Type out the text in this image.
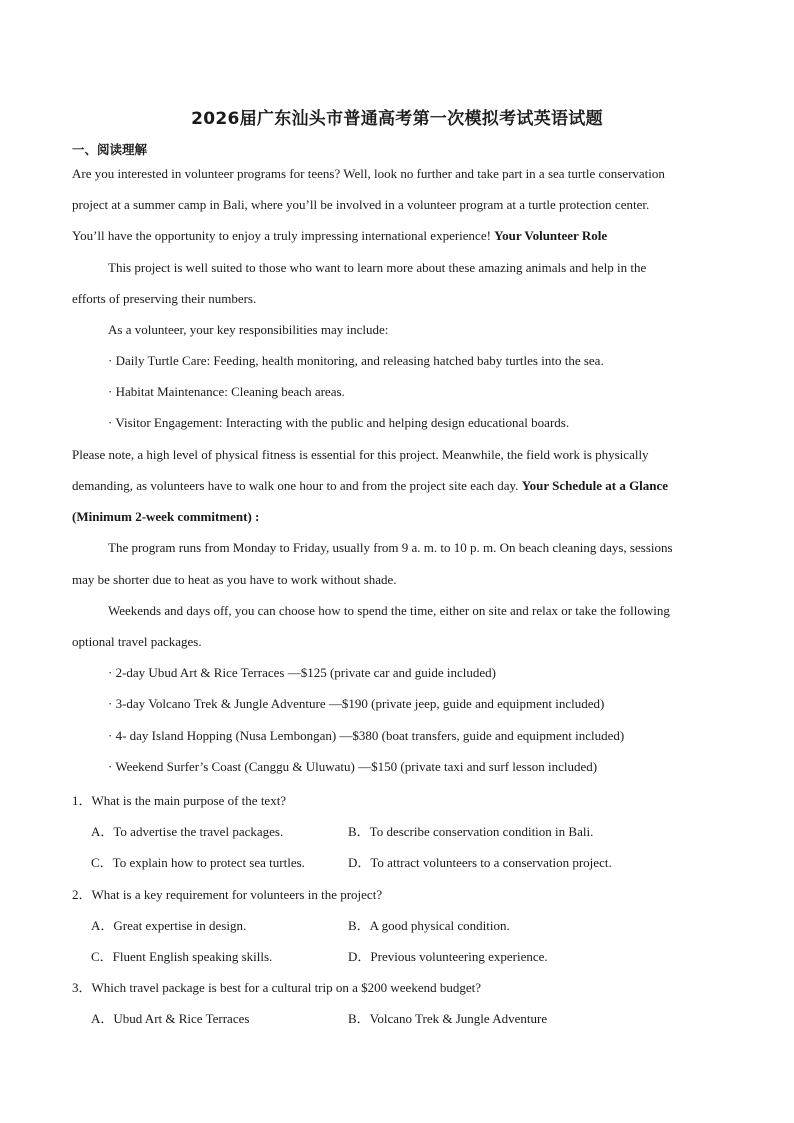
2026届广东汕头市普通高考第一次模拟考试英语试题
一、阅读理解
Are you interested in volunteer programs for teens? Well, look no further and take part in a sea turtle conservation
project at a summer camp in Bali, where you’ll be involved in a volunteer program at a turtle protection center.
You’ll have the opportunity to enjoy a truly impressing international experience! Your Volunteer Role
This project is well suited to those who want to learn more about these amazing animals and help in the
efforts of preserving their numbers.
As a volunteer, your key responsibilities may include:
· Daily Turtle Care: Feeding, health monitoring, and releasing hatched baby turtles into the sea.
· Habitat Maintenance: Cleaning beach areas.
· Visitor Engagement: Interacting with the public and helping design educational boards.
Please note, a high level of physical fitness is essential for this project. Meanwhile, the field work is physically
demanding, as volunteers have to walk one hour to and from the project site each day. Your Schedule at a Glance
(Minimum 2-week commitment) :
The program runs from Monday to Friday, usually from 9 a. m. to 10 p. m. On beach cleaning days, sessions
may be shorter due to heat as you have to work without shade.
Weekends and days off, you can choose how to spend the time, either on site and relax or take the following
optional travel packages.
· 2-day Ubud Art & Rice Terraces —$125 (private car and guide included)
· 3-day Volcano Trek & Jungle Adventure —$190 (private jeep, guide and equipment included)
· 4- day Island Hopping (Nusa Lembongan) —$380 (boat transfers, guide and equipment included)
· Weekend Surfer’s Coast (Canggu & Uluwatu) —$150 (private taxi and surf lesson included)
1．What is the main purpose of the text?
A．To advertise the travel packages.	B．To describe conservation condition in Bali.
C．To explain how to protect sea turtles.	D．To attract volunteers to a conservation project.
2．What is a key requirement for volunteers in the project?
A．Great expertise in design.	B．A good physical condition.
C．Fluent English speaking skills.	D．Previous volunteering experience.
3．Which travel package is best for a cultural trip on a $200 weekend budget?
A．Ubud Art & Rice Terraces	B．Volcano Trek & Jungle Adventure
